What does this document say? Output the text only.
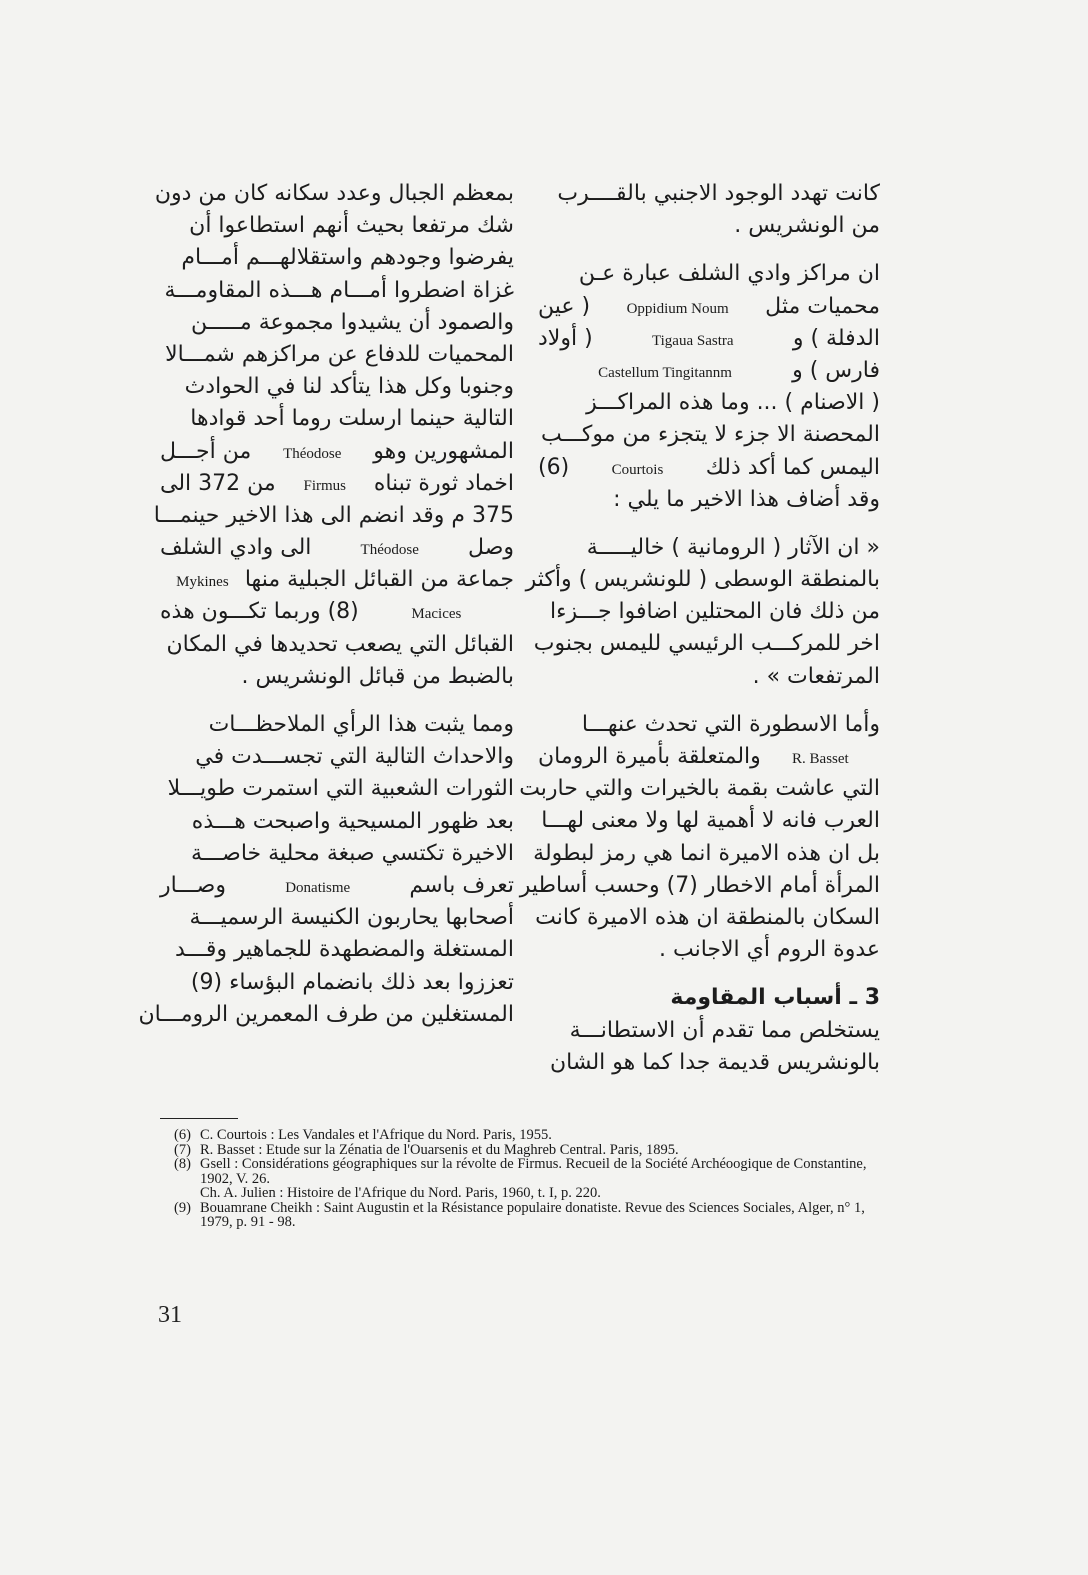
كانت تهدد الوجود الاجنبي بالقــــرب
من الونشريس .
ان مراكز وادي الشلف عبارة عـن
محميات مثل
Oppidium Noum
( عين
الدفلة ) و
Tigaua Sastra
( أولاد
فارس ) و
Castellum Tingitannm
( الاصنام ) ... وما هذه المراكـــز
المحصنة الا جزء لا يتجزء من موكـــب
اليمس كما أكد ذلك
Courtois
(6)
وقد أضاف هذا الاخير ما يلي :
« ان الآثار ( الرومانية ) خاليـــــة
بالمنطقة الوسطى ( للونشريس ) وأكثر
من ذلك فان المحتلين اضافوا جـــزءا
اخر للمركـــب الرئيسي لليمس بجنوب
المرتفعات » .
وأما الاسطورة التي تحدث عنهـــا
R. Basset
والمتعلقة بأميرة الرومان
التي عاشت بقمة بالخيرات والتي حاربت
العرب فانه لا أهمية لها ولا معنى لهـــا
بل ان هذه الاميرة انما هي رمز لبطولة
المرأة أمام الاخطار (7) وحسب أساطير
السكان بالمنطقة ان هذه الاميرة كانت
عدوة الروم أي الاجانب .
3 ـ أسباب المقاومة
يستخلص مما تقدم أن الاستطانـــة
بالونشريس قديمة جدا كما هو الشان
بمعظم الجبال وعدد سكانه كان من دون
شك مرتفعا بحيث أنهم استطاعوا أن
يفرضوا وجودهم واستقلالهـــم أمـــام
غزاة اضطروا أمـــام هـــذه المقاومـــة
والصمود أن يشيدوا مجموعة مـــــن
المحميات للدفاع عن مراكزهم شمـــالا
وجنوبا وكل هذا يتأكد لنا في الحوادث
التالية حينما ارسلت روما أحد قوادها
المشهورين وهو
Théodose
من أجـــل
اخماد ثورة تبناه
Firmus
من 372 الى
375 م وقد انضم الى هذا الاخير حينمـــا
وصل
Théodose
الى وادي الشلف
جماعة من القبائل الجبلية منها
Mykines
Macices
(8) وربما تكـــون هذه
القبائل التي يصعب تحديدها في المكان
بالضبط من قبائل الونشريس .
ومما يثبت هذا الرأي الملاحظـــات
والاحداث التالية التي تجســـدت في
الثورات الشعبية التي استمرت طويـــلا
بعد ظهور المسيحية واصبحت هـــذه
الاخيرة تكتسي صبغة محلية خاصـــة
تعرف باسم
Donatisme
وصـــار
أصحابها يحاربون الكنيسة الرسميـــة
المستغلة والمضطهدة للجماهير وقـــد
تعززوا بعد ذلك بانضمام البؤساء (9)
المستغلين من طرف المعمرين الرومـــان
(6) C. Courtois : Les Vandales et l'Afrique du Nord. Paris, 1955.
(7) R. Basset : Etude sur la Zénatia de l'Ouarsenis et du Maghreb Central. Paris, 1895.
(8) Gsell : Considérations géographiques sur la révolte de Firmus. Recueil de la Société Archéoogique de Constantine, 1902, V. 26.
Ch. A. Julien : Histoire de l'Afrique du Nord. Paris, 1960, t. I, p. 220.
(9) Bouamrane Cheikh : Saint Augustin et la Résistance populaire donatiste. Revue des Sciences Sociales, Alger, n° 1, 1979, p. 91 - 98.
31
